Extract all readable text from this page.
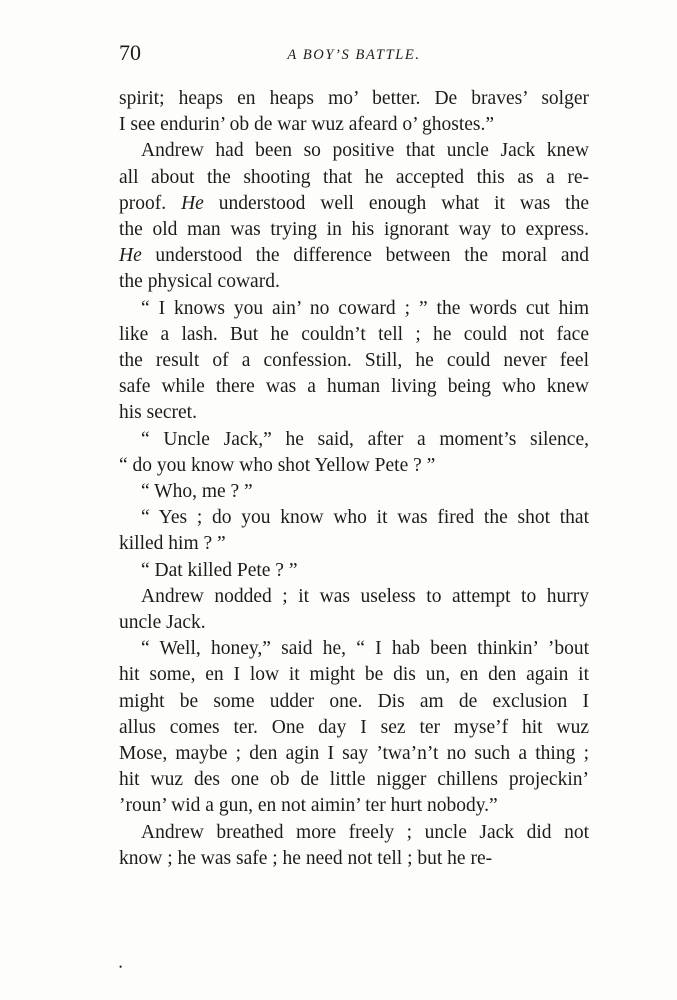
70	A BOY’S BATTLE.

spirit; heaps en heaps mo’ better. De braves’ solger
I see endurin’ ob de war wuz afeard o’ ghostes.”

Andrew had been so positive that uncle Jack knew
all about the shooting that he accepted this as a re-
proof. He understood well enough what it was the
the old man was trying in his ignorant way to express.
He understood the difference between the moral and
the physical coward.

“ I knows you ain’ no coward ; ” the words cut him
like a lash. But he couldn’t tell ; he could not face
the result of a confession. Still, he could never feel
safe while there was a human living being who knew
his secret.

“ Uncle Jack,” he said, after a moment’s silence,
“ do you know who shot Yellow Pete ? ”

“ Who, me ? ”

“ Yes ; do you know who it was fired the shot that
killed him ? ”

“ Dat killed Pete ? ”

Andrew nodded ; it was useless to attempt to hurry
uncle Jack.

“ Well, honey,” said he, “ I hab been thinkin’ ’bout
hit some, en I low it might be dis un, en den again it
might be some udder one. Dis am de exclusion I
allus comes ter. One day I sez ter myse’f hit wuz
Mose, maybe ; den agin I say ’twa’n’t no such a thing ;
hit wuz des one ob de little nigger chillens projeckin’
’roun’ wid a gun, en not aimin’ ter hurt nobody.”

Andrew breathed more freely ; uncle Jack did not
know ; he was safe ; he need not tell ; but he re-

•
